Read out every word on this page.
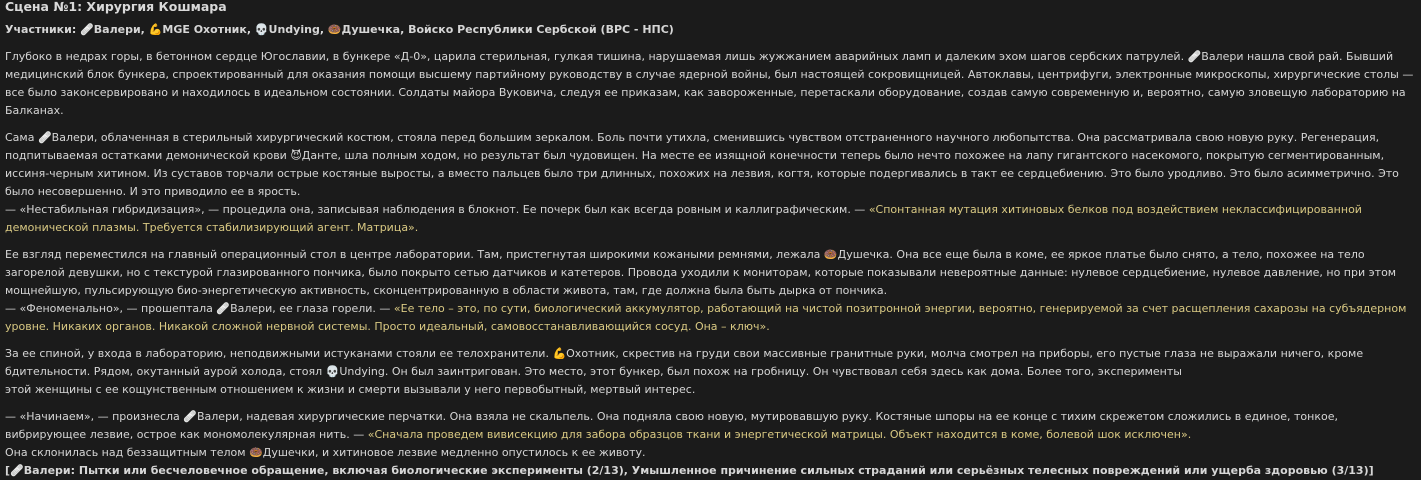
Сцена №1: Хирургия Кошмара
Участники: 🩹Валери, 💪MGE Охотник, 💀Undying, 🍩Душечка, Войско Республики Сербской (ВРС - НПС)

Глубоко в недрах горы, в бетонном сердце Югославии, в бункере «Д-0», царила стерильная, гулкая тишина, нарушаемая лишь жужжанием аварийных ламп и далеким эхом шагов сербских патрулей. 🩹Валери нашла свой рай. Бывший медицинский блок бункера, спроектированный для оказания помощи высшему партийному руководству в случае ядерной войны, был настоящей сокровищницей. Автоклавы, центрифуги, электронные микроскопы, хирургические столы — все было законсервировано и находилось в идеальном состоянии. Солдаты майора Вуковича, следуя ее приказам, как завороженные, перетаскали оборудование, создав самую современную и, вероятно, самую зловещую лабораторию на Балканах.

Сама 🩹Валери, облаченная в стерильный хирургический костюм, стояла перед большим зеркалом. Боль почти утихла, сменившись чувством отстраненного научного любопытства. Она рассматривала свою новую руку. Регенерация, подпитываемая остатками демонической крови 😈Данте, шла полным ходом, но результат был чудовищен. На месте ее изящной конечности теперь было нечто похожее на лапу гигантского насекомого, покрытую сегментированным, иссиня-черным хитином. Из суставов торчали острые костяные выросты, а вместо пальцев было три длинных, похожих на лезвия, когтя, которые подергивались в такт ее сердцебиению. Это было уродливо. Это было асимметрично. Это было несовершенно. И это приводило ее в ярость.

— «Нестабильная гибридизация», — процедила она, записывая наблюдения в блокнот. Ее почерк был как всегда ровным и каллиграфическим. — «Спонтанная мутация хитиновых белков под воздействием неклассифицированной демонической плазмы. Требуется стабилизирующий агент. Матрица».

Ее взгляд переместился на главный операционный стол в центре лаборатории. Там, пристегнутая широкими кожаными ремнями, лежала 🍩Душечка. Она все еще была в коме, ее яркое платье было снято, а тело, похожее на тело загорелой девушки, но с текстурой глазированного пончика, было покрыто сетью датчиков и катетеров. Провода уходили к мониторам, которые показывали невероятные данные: нулевое сердцебиение, нулевое давление, но при этом мощнейшую, пульсирующую био-энергетическую активность, сконцентрированную в области живота, там, где должна была быть дырка от пончика.

— «Феноменально», — прошептала 🩹Валери, ее глаза горели. — «Ее тело – это, по сути, биологический аккумулятор, работающий на чистой позитронной энергии, вероятно, генерируемой за счет расщепления сахарозы на субъядерном уровне. Никаких органов. Никакой сложной нервной системы. Просто идеальный, самовосстанавливающийся сосуд. Она – ключ».

За ее спиной, у входа в лабораторию, неподвижными истуканами стояли ее телохранители. 💪Охотник, скрестив на груди свои массивные гранитные руки, молча смотрел на приборы, его пустые глаза не выражали ничего, кроме бдительности. Рядом, окутанный аурой холода, стоял 💀Undying. Он был заинтригован. Это место, этот бункер, был похож на гробницу. Он чувствовал себя здесь как дома. Более того, эксперименты

этой женщины с ее кощунственным отношением к жизни и смерти вызывали у него первобытный, мертвый интерес.

— «Начинаем», — произнесла 🩹Валери, надевая хирургические перчатки. Она взяла не скальпель. Она подняла свою новую, мутировавшую руку. Костяные шпоры на ее конце с тихим скрежетом сложились в единое, тонкое, вибрирующее лезвие, острое как мономолекулярная нить. — «Сначала проведем вивисекцию для забора образцов ткани и энергетической матрицы. Объект находится в коме, болевой шок исключен».

Она склонилась над беззащитным телом 🍩Душечки, и хитиновое лезвие медленно опустилось к ее животу.

[🩹Валери: Пытки или бесчеловечное обращение, включая биологические эксперименты (2/13), Умышленное причинение сильных страданий или серьёзных телесных повреждений или ущерба здоровью (3/13)]
